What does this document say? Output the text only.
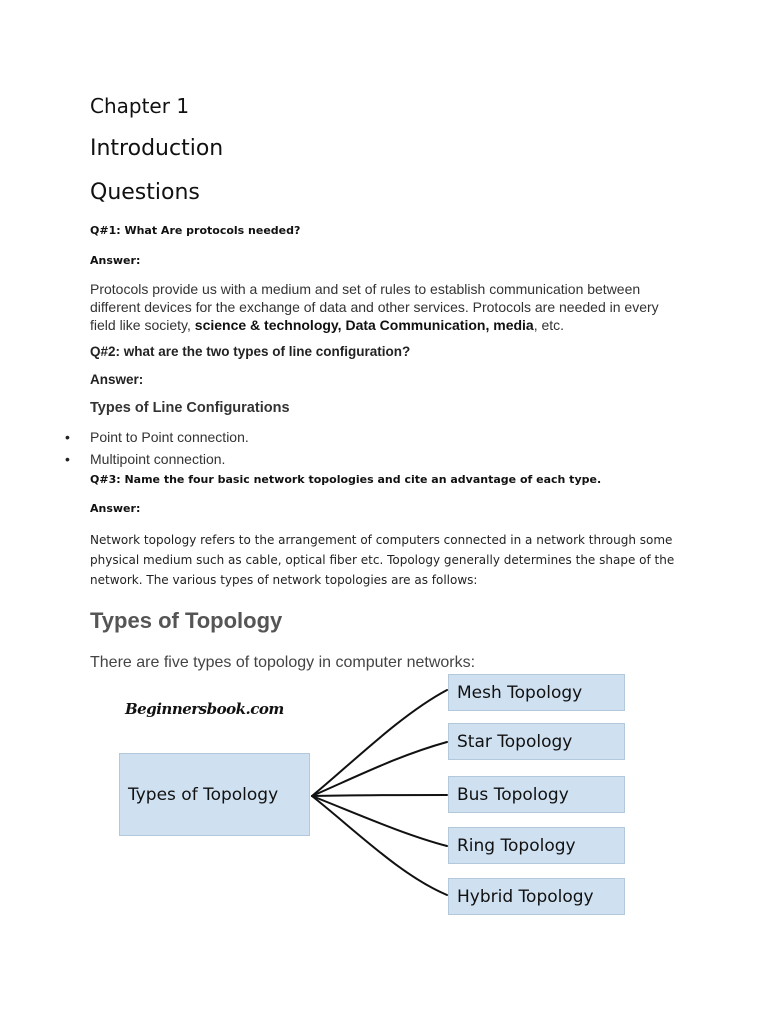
Chapter 1
Introduction
Questions
Q#1: What Are protocols needed?
Answer:
Protocols provide us with a medium and set of rules to establish communication between different devices for the exchange of data and other services. Protocols are needed in every field like society, science & technology, Data Communication, media, etc.
Q#2: what are the two types of line configuration?
Answer:
Types of Line Configurations
• Point to Point connection.
• Multipoint connection.
Q#3: Name the four basic network topologies and cite an advantage of each type.
Answer:
Network topology refers to the arrangement of computers connected in a network through some physical medium such as cable, optical fiber etc. Topology generally determines the shape of the network. The various types of network topologies are as follows:
Types of Topology
There are five types of topology in computer networks:
Beginnersbook.com
Types of Topology
Mesh Topology
Star Topology
Bus Topology
Ring Topology
Hybrid Topology
